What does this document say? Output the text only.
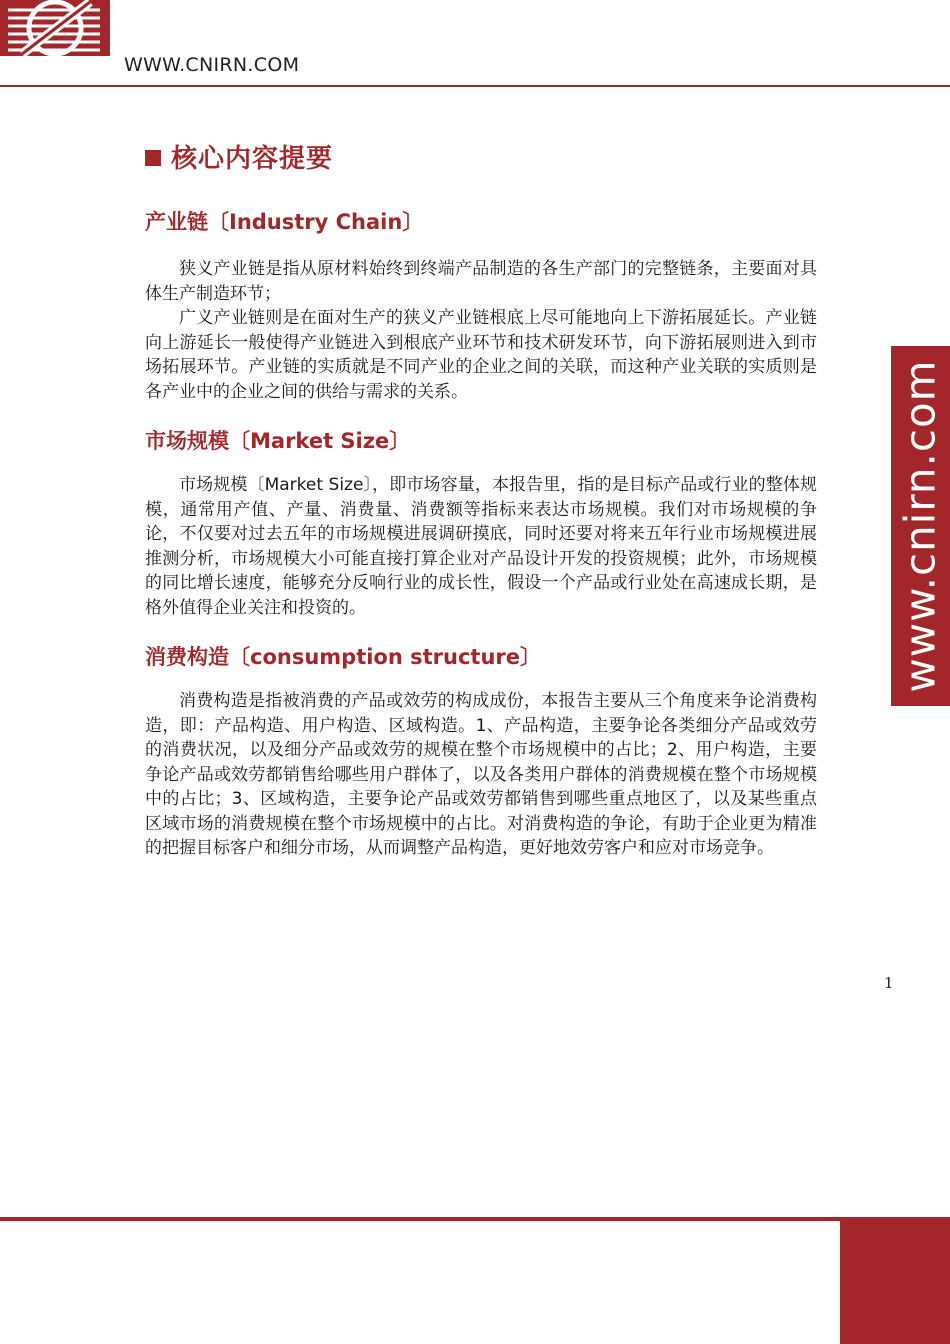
WWW.CNIRN.COM
www.cnirn.com
核心内容提要
产业链〔Industry Chain〕

狭义产业链是指从原材料始终到终端产品制造的各生产部门的完整链条，主要面对具体生产制造环节；

广义产业链则是在面对生产的狭义产业链根底上尽可能地向上下游拓展延长。产业链向上游延长一般使得产业链进入到根底产业环节和技术研发环节，向下游拓展则进入到市场拓展环节。产业链的实质就是不同产业的企业之间的关联，而这种产业关联的实质则是各产业中的企业之间的供给与需求的关系。

市场规模〔Market Size〕

市场规模〔Market Size〕，即市场容量，本报告里，指的是目标产品或行业的整体规模，通常用产值、产量、消费量、消费额等指标来表达市场规模。我们对市场规模的争论，不仅要对过去五年的市场规模进展调研摸底，同时还要对将来五年行业市场规模进展推测分析，市场规模大小可能直接打算企业对产品设计开发的投资规模；此外，市场规模的同比增长速度，能够充分反响行业的成长性，假设一个产品或行业处在高速成长期，是格外值得企业关注和投资的。

消费构造〔consumption structure〕

消费构造是指被消费的产品或效劳的构成成份，本报告主要从三个角度来争论消费构造，即：产品构造、用户构造、区域构造。1、产品构造，主要争论各类细分产品或效劳的消费状况，以及细分产品或效劳的规模在整个市场规模中的占比；2、用户构造，主要争论产品或效劳都销售给哪些用户群体了，以及各类用户群体的消费规模在整个市场规模中的占比；3、区域构造，主要争论产品或效劳都销售到哪些重点地区了，以及某些重点区域市场的消费规模在整个市场规模中的占比。对消费构造的争论，有助于企业更为精准的把握目标客户和细分市场，从而调整产品构造，更好地效劳客户和应对市场竞争。

1
